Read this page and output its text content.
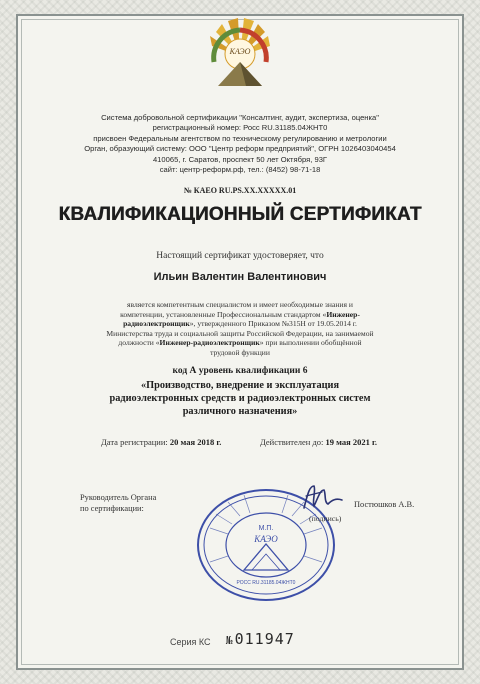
КАЭО
Система добровольной сертификации "Консалтинг, аудит, экспертиза, оценка"
регистрационный номер: Росс RU.31185.04ЖНТ0
присвоен Федеральным агентством по техническому регулированию и метрологии
Орган, образующий систему: ООО "Центр реформ предприятий", ОГРН 1026403040454
410065, г. Саратов, проспект 50 лет Октября, 93Г
сайт: центр-реформ.рф, тел.: (8452) 98-71-18
№ КАЕО RU.PS.XX.XXXXX.01
КВАЛИФИКАЦИОННЫЙ СЕРТИФИКАТ
Настоящий сертификат удостоверяет, что
Ильин Валентин Валентинович
является компетентным специалистом и имеет необходимые знания и
компетенции, установленные Профессиональным стандартом «Инженер-
радиоэлектронщик», утвержденного Приказом №315Н от 19.05.2014 г.
Министерства труда и социальной защиты Российской Федерации, на занимаемой
должности «Инженер-радиоэлектронщик» при выполнении обобщённой
трудовой функции
код А уровень квалификации 6
«Производство, внедрение и эксплуатация
радиоэлектронных средств и радиоэлектронных систем
различного назначения»
Дата регистрации: 20 мая 2018 г.	Действителен до: 19 мая 2021 г.
Руководитель Органа
по сертификации:
М.П.
КАЭО
РОСС RU.31185.04ЖНТ0
(подпись)
Постюшков А.В.
Серия КС № 011947
